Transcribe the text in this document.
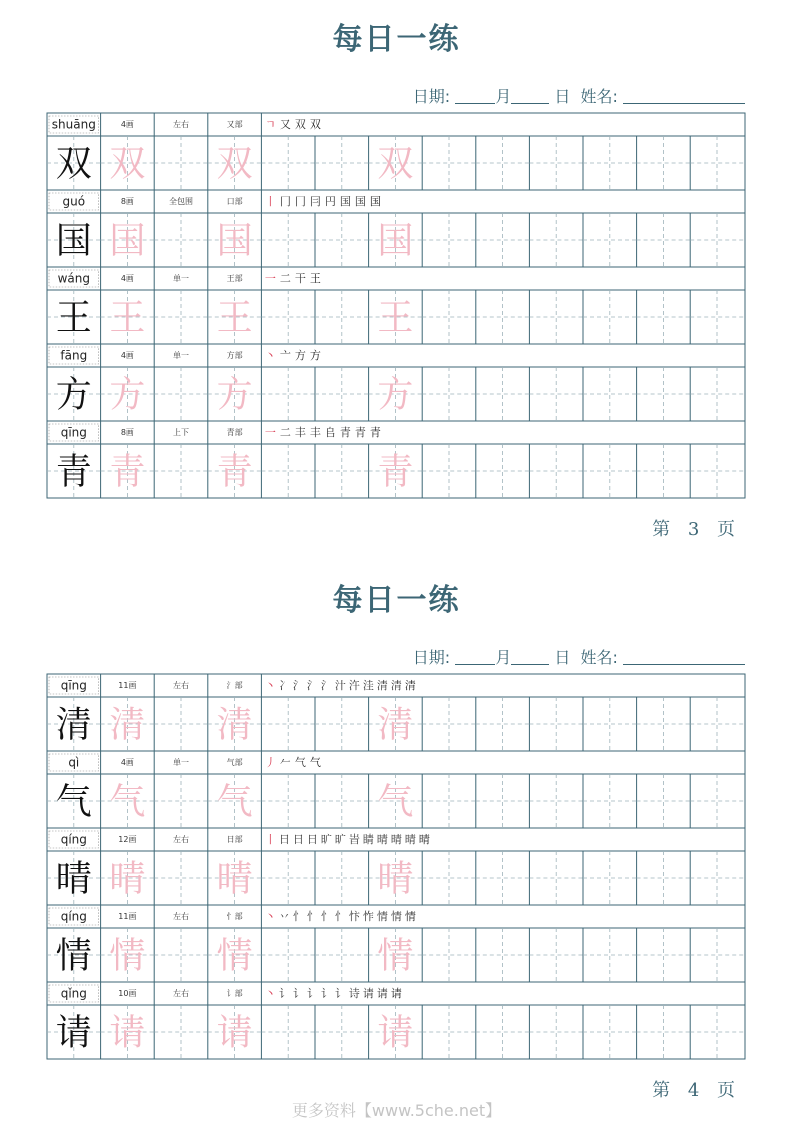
每日一练
日期:	月	日 姓名:
shuāng	4画	左右	又部 ㄱ 又 双 双
双 双 双	双
guó	8画	全包围	口部 丨 冂 冂 冃 円 国 国 国
国 国 国	国
wáng	4画	单一	王部 一 二 干 王
王 王 王	王
fāng	4画	单一	方部 丶 亠 方 方
方 方 方	方
qīng	8画	上下	青部 一 二 丰 丰 𠂤 青 青 青
青 青 青	青
第 3 页
每日一练
日期:	月	日 姓名:
qīng	11画	左右	氵部 丶 冫 氵 氵 氵 汁 汻 洼 清 清 清
清 清 清	清
qì	4画	单一	气部 丿 𠂉 气 气
气 气 气	气
qíng	12画	左右	日部 丨 日 日 日 旷 旷 旹 睛 晴 晴 晴 晴
晴 晴 晴	晴
qíng	11画	左右	忄部 丶 丷 忄 忄 忄 忄 忭 怍 情 情 情
情 情 情	情
qǐng	10画	左右	讠部 丶 讠 讠 讠 讠 讠 诗 请 请 请
请 请 请	请
第 4 页
更多资料【www.5che.net】
